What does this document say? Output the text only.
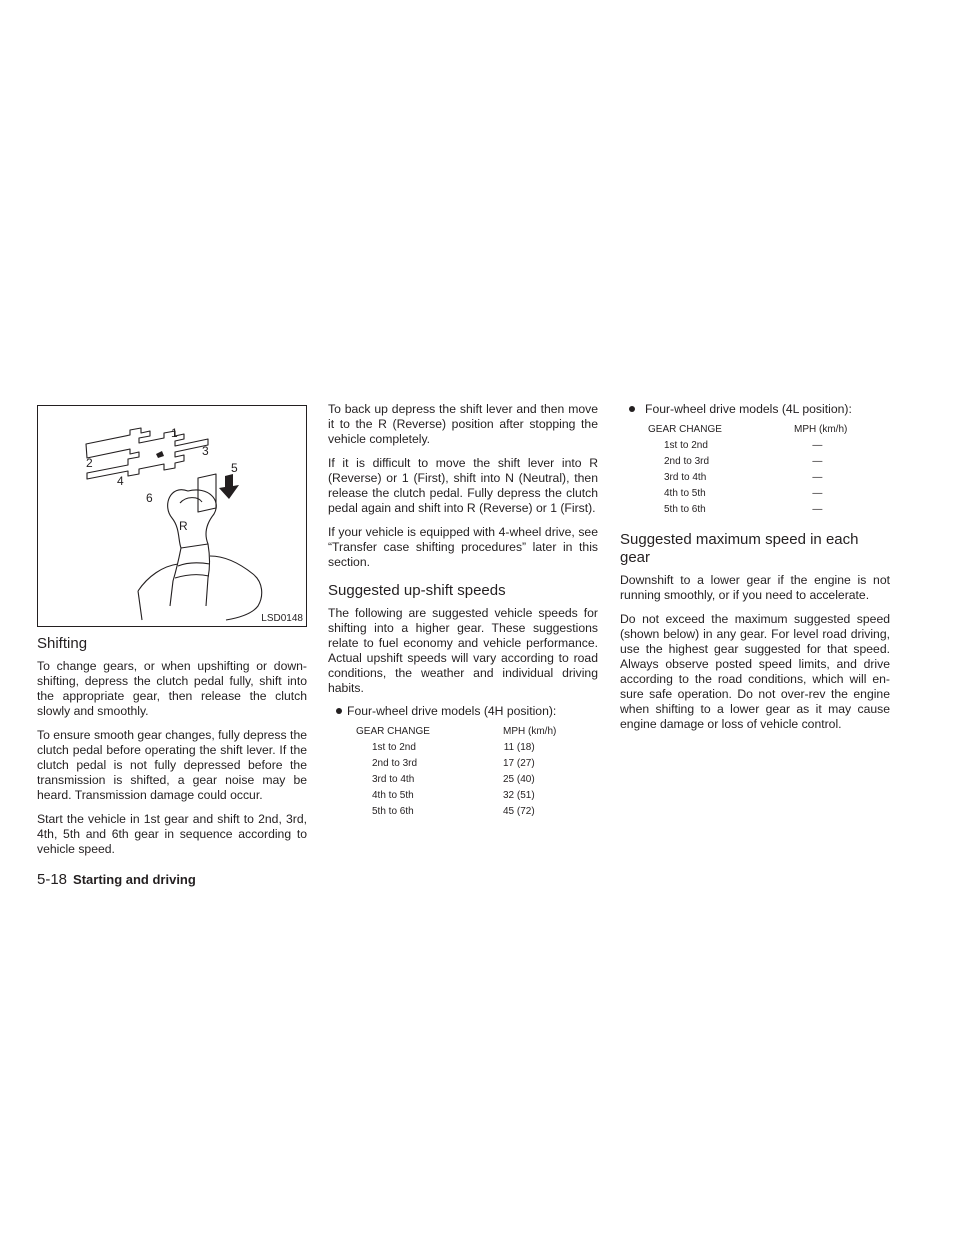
1
2
3
4
5
6
R
LSD0148
Shifting

To change gears, or when upshifting or down-shifting, depress the clutch pedal fully, shift into the appropriate gear, then release the clutch slowly and smoothly.

To ensure smooth gear changes, fully depress the clutch pedal before operating the shift lever. If the clutch pedal is not fully depressed before the transmission is shifted, a gear noise may be heard. Transmission damage could occur.

Start the vehicle in 1st gear and shift to 2nd, 3rd, 4th, 5th and 6th gear in sequence according to vehicle speed.

To back up depress the shift lever and then move it to the R (Reverse) position after stopping the vehicle completely.

If it is difficult to move the shift lever into R (Reverse) or 1 (First), shift into N (Neutral), then release the clutch pedal. Fully depress the clutch pedal again and shift into R (Reverse) or 1 (First).

If your vehicle is equipped with 4-wheel drive, see “Transfer case shifting procedures” later in this section.

Suggested up-shift speeds

The following are suggested vehicle speeds for shifting into a higher gear. These suggestions relate to fuel economy and vehicle performance. Actual upshift speeds will vary according to road conditions, the weather and individual driving habits.

Four-wheel drive models (4H position):
GEAR CHANGE	MPH (km/h)
1st to 2nd	11 (18)
2nd to 3rd	17 (27)
3rd to 4th	25 (40)
4th to 5th	32 (51)
5th to 6th	45 (72)
Four-wheel drive models (4L position):
GEAR CHANGE	MPH (km/h)
1st to 2nd	—
2nd to 3rd	—
3rd to 4th	—
4th to 5th	—
5th to 6th	—
Suggested maximum speed in each gear

Downshift to a lower gear if the engine is not running smoothly, or if you need to accelerate.

Do not exceed the maximum suggested speed (shown below) in any gear. For level road driving, use the highest gear suggested for that speed. Always observe posted speed limits, and drive according to the road conditions, which will en-sure safe operation. Do not over-rev the engine when shifting to a lower gear as it may cause engine damage or loss of vehicle control.

5-18 Starting and driving
